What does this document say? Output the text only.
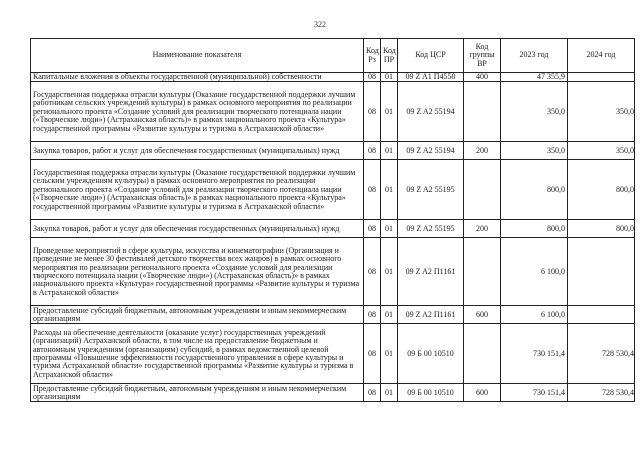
322
Наименование показателя	Код Рз	Код ПР	Код ЦСР	Код группы ВР	2023 год	2024 год
Капитальные вложения в объекты государственной (муниципальной) собственности	08	01	09 Z A1 П4550	400	47 355,9	
Государственная поддержка отрасли культуры (Оказание государственной поддержки лучшим работникам сельских учреждений культуры) в рамках основного мероприятия по реализации регионального проекта «Создание условий для реализации творческого потенциала нации («Творческие люди») (Астраханская область)» в рамках национального проекта «Культура» государственной программы «Развитие культуры и туризма в Астраханской области»	08	01	09 Z A2 55194		350,0	350,0
Закупка товаров, работ и услуг для обеспечения государственных (муниципальных) нужд	08	01	09 Z A2 55194	200	350,0	350,0
Государственная поддержка отрасли культуры (Оказание государственной поддержки лучшим сельским учреждениям культуры) в рамках основного мероприятия по реализации регионального проекта «Создание условий для реализации творческого потенциала нации («Творческие люди») (Астраханская область)» в рамках национального проекта «Культура» государственной программы «Развитие культуры и туризма в Астраханской области»	08	01	09 Z A2 55195		800,0	800,0
Закупка товаров, работ и услуг для обеспечения государственных (муниципальных) нужд	08	01	09 Z A2 55195	200	800,0	800,0
Проведение мероприятий в сфере культуры, искусства и кинематографии (Организация и проведение не менее 30 фестивалей детского творчества всех жанров) в рамках основного мероприятия по реализации регионального проекта «Создание условий для реализации творческого потенциала нации («Творческие люди») (Астраханская область)» в рамках национального проекта «Культура» государственной программы «Развитие культуры и туризма в Астраханской области»	08	01	09 Z A2 П1161		6 100,0	
Предоставление субсидий бюджетным, автономным учреждениям и иным некоммерческим организациям	08	01	09 Z A2 П1161	600	6 100,0	
Расходы на обеспечение деятельности (оказание услуг) государственных учреждений (организаций) Астраханской области, в том числе на предоставление бюджетным и автономным учреждениям (организациям) субсидий, в рамках ведомственной целевой программы «Повышение эффективности государственного управления в сфере культуры и туризма Астраханской области» государственной программы «Развитие культуры и туризма в Астраханской области»	08	01	09 Б 00 10510		730 151,4	728 530,4
Предоставление субсидий бюджетным, автономным учреждениям и иным некоммерческим организациям	08	01	09 Б 00 10510	600	730 151,4	728 530,4
